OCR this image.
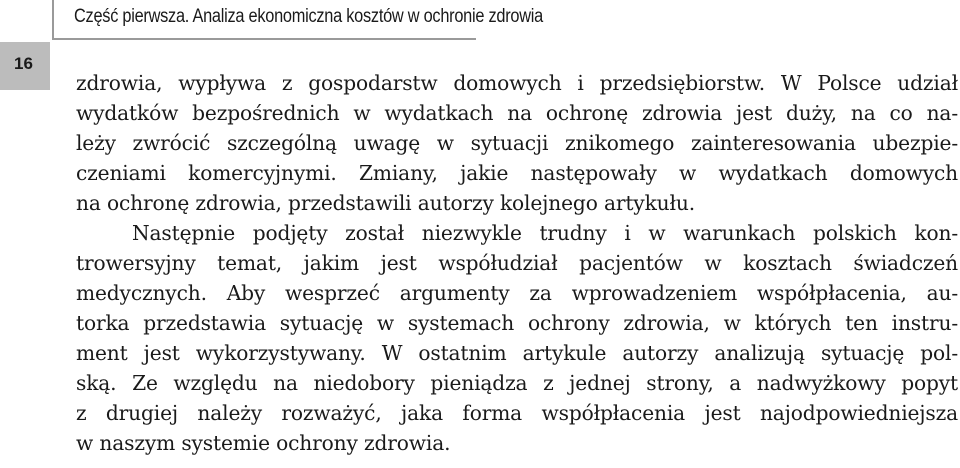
Część pierwsza. Analiza ekonomiczna kosztów w ochronie zdrowia
16
zdrowia, wypływa z gospodarstw domowych i przedsiębiorstw. W Polsce udział
wydatków bezpośrednich w wydatkach na ochronę zdrowia jest duży, na co na-
leży zwrócić szczególną uwagę w sytuacji znikomego zainteresowania ubezpie-
czeniami komercyjnymi. Zmiany, jakie następowały w wydatkach domowych
na ochronę zdrowia, przedstawili autorzy kolejnego artykułu.
Następnie podjęty został niezwykle trudny i w warunkach polskich kon-
trowersyjny temat, jakim jest współudział pacjentów w kosztach świadczeń
medycznych. Aby wesprzeć argumenty za wprowadzeniem współpłacenia, au-
torka przedstawia sytuację w systemach ochrony zdrowia, w których ten instru-
ment jest wykorzystywany. W ostatnim artykule autorzy analizują sytuację pol-
ską. Ze względu na niedobory pieniądza z jednej strony, a nadwyżkowy popyt
z drugiej należy rozważyć, jaka forma współpłacenia jest najodpowiedniejsza
w naszym systemie ochrony zdrowia.
